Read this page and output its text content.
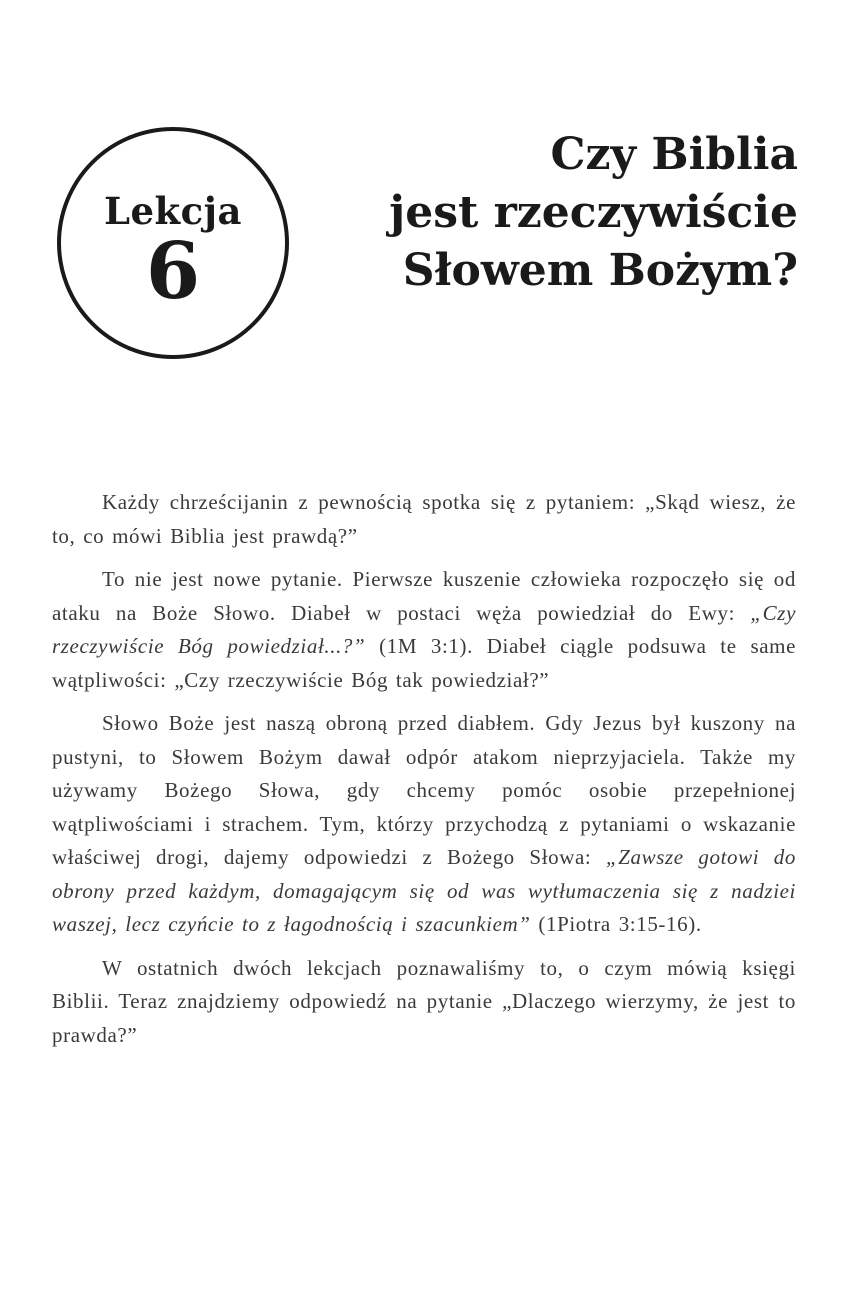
Lekcja
6
Czy Biblia
jest rzeczywiście
Słowem Bożym?

Każdy chrześcijanin z pewnością spotka się z pytaniem: „Skąd wiesz, że to, co mówi Biblia jest prawdą?”

To nie jest nowe pytanie. Pierwsze kuszenie człowieka rozpoczęło się od ataku na Boże Słowo. Diabeł w postaci węża powiedział do Ewy: „Czy rzeczywiście Bóg powiedział...?” (1M 3:1). Diabeł ciągle podsuwa te same wątpliwości: „Czy rzeczywiście Bóg tak powiedział?”

Słowo Boże jest naszą obroną przed diabłem. Gdy Jezus był kuszony na pustyni, to Słowem Bożym dawał odpór atakom nieprzyjaciela. Także my używamy Bożego Słowa, gdy chcemy pomóc osobie przepełnionej wątpliwościami i strachem. Tym, którzy przychodzą z pytaniami o wskazanie właściwej drogi, dajemy odpowiedzi z Bożego Słowa: „Zawsze gotowi do obrony przed każdym, domagającym się od was wytłumaczenia się z nadziei waszej, lecz czyńcie to z łagodnością i szacunkiem” (1Piotra 3:15-16).

W ostatnich dwóch lekcjach poznawaliśmy to, o czym mówią księgi Biblii. Teraz znajdziemy odpowiedź na pytanie „Dlaczego wierzymy, że jest to prawda?”
